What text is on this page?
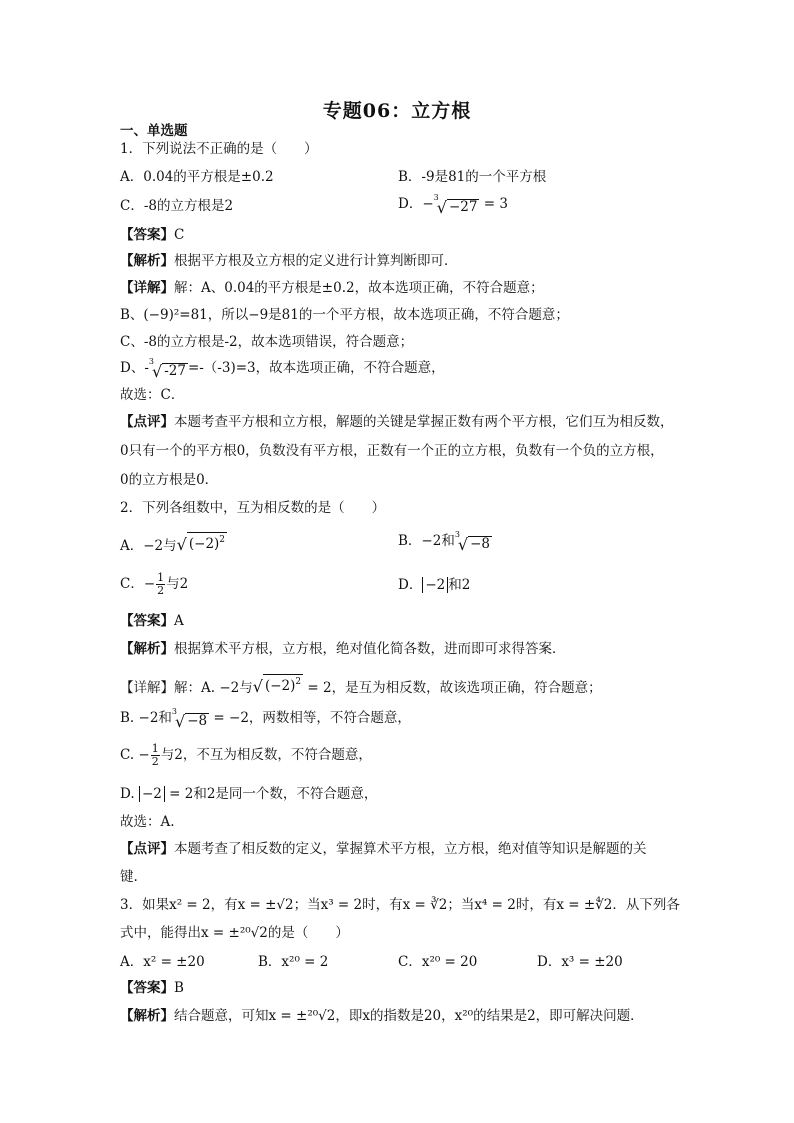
专题06：立方根
一、单选题
1．下列说法不正确的是（　　）
A．0.04的平方根是±0.2	B．-9是81的一个平方根
C．-8的立方根是2	D．− 3
√ −27 = 3
【答案】C
【解析】根据平方根及立方根的定义进行计算判断即可．
【详解】解：A、0.04的平方根是±0.2，故本选项正确，不符合题意；
B、(−9)²=81，所以−9是81的一个平方根，故本选项正确，不符合题意；
C、-8的立方根是-2，故本选项错误，符合题意；
D、- 3
√ -27 =-（-3)=3，故本选项正确，不符合题意，
故选：C．
【点评】本题考查平方根和立方根，解题的关键是掌握正数有两个平方根，它们互为相反数，
0只有一个的平方根0，负数没有平方根，正数有一个正的立方根，负数有一个负的立方根，
0的立方根是0．
2．下列各组数中，互为相反数的是（　　）
A．−2与 √ $(-2)^2$	B．−2和 3
√ −8
C．− $\frac{1}{2}$ 与2	D． −2 和2
【答案】A
【解析】根据算术平方根，立方根，绝对值化简各数，进而即可求得答案．
【详解】解：A. −2与 √ $(-2)^2 = 2$，是互为相反数，故该选项正确，符合题意；
B. −2和 3
√ −8 = −2，两数相等，不符合题意，
C. − $\frac{1}{2}$ 与2，不互为相反数，不符合题意，
D. −2 = 2和2是同一个数，不符合题意，
故选：A.
【点评】本题考查了相反数的定义，掌握算术平方根，立方根，绝对值等知识是解题的关
键.
3．如果x² = 2，有x = ±√2；当x³ = 2时，有x = ∛2；当x⁴ = 2时，有x = ±∜2．从下列各
式中，能得出x = ±²⁰√2的是（　　）
A．x² = ±20	B．x²⁰ = 2	C．x²⁰ = 20	D．x³ = ±20
【答案】B
【解析】结合题意，可知x = ±²⁰√2，即x的指数是20，x²⁰的结果是2，即可解决问题．
